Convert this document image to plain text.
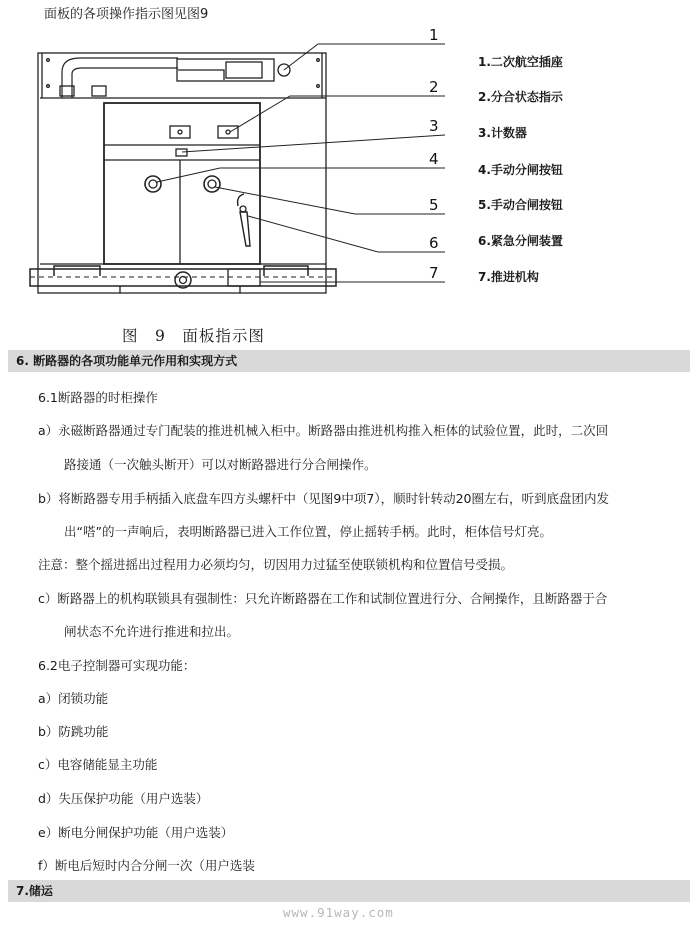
面板的各项操作指示图见图9
1
2
3
4
5
6
7
1.二次航空插座
2.分合状态指示
3.计数器
4.手动分闸按钮
5.手动合闸按钮
6.紧急分闸装置
7.推进机构
图　9　面板指示图
6. 断路器的各项功能单元作用和实现方式
6.1断路器的时柜操作
a）永磁断路器通过专门配装的推进机械入柜中。断路器由推进机构推入柜体的试验位置，此时，二次回
路接通（一次触头断开）可以对断路器进行分合闸操作。
b）将断路器专用手柄插入底盘车四方头螺杆中（见图9中项7），顺时针转动20圈左右，听到底盘团内发
出“嗒”的一声响后，表明断路器已进入工作位置，停止摇转手柄。此时，柜体信号灯亮。
注意：整个摇进摇出过程用力必须均匀，切因用力过猛至使联锁机构和位置信号受损。
c）断路器上的机构联锁具有强制性：只允许断路器在工作和试制位置进行分、合闸操作，且断路器于合
闸状态不允许进行推进和拉出。
6.2电子控制器可实现功能：
a）闭锁功能
b）防跳功能
c）电容储能显主功能
d）失压保护功能（用户选装）
e）断电分闸保护功能（用户选装）
f）断电后短时内合分闸一次（用户选装
7.储运
www.91way.com
